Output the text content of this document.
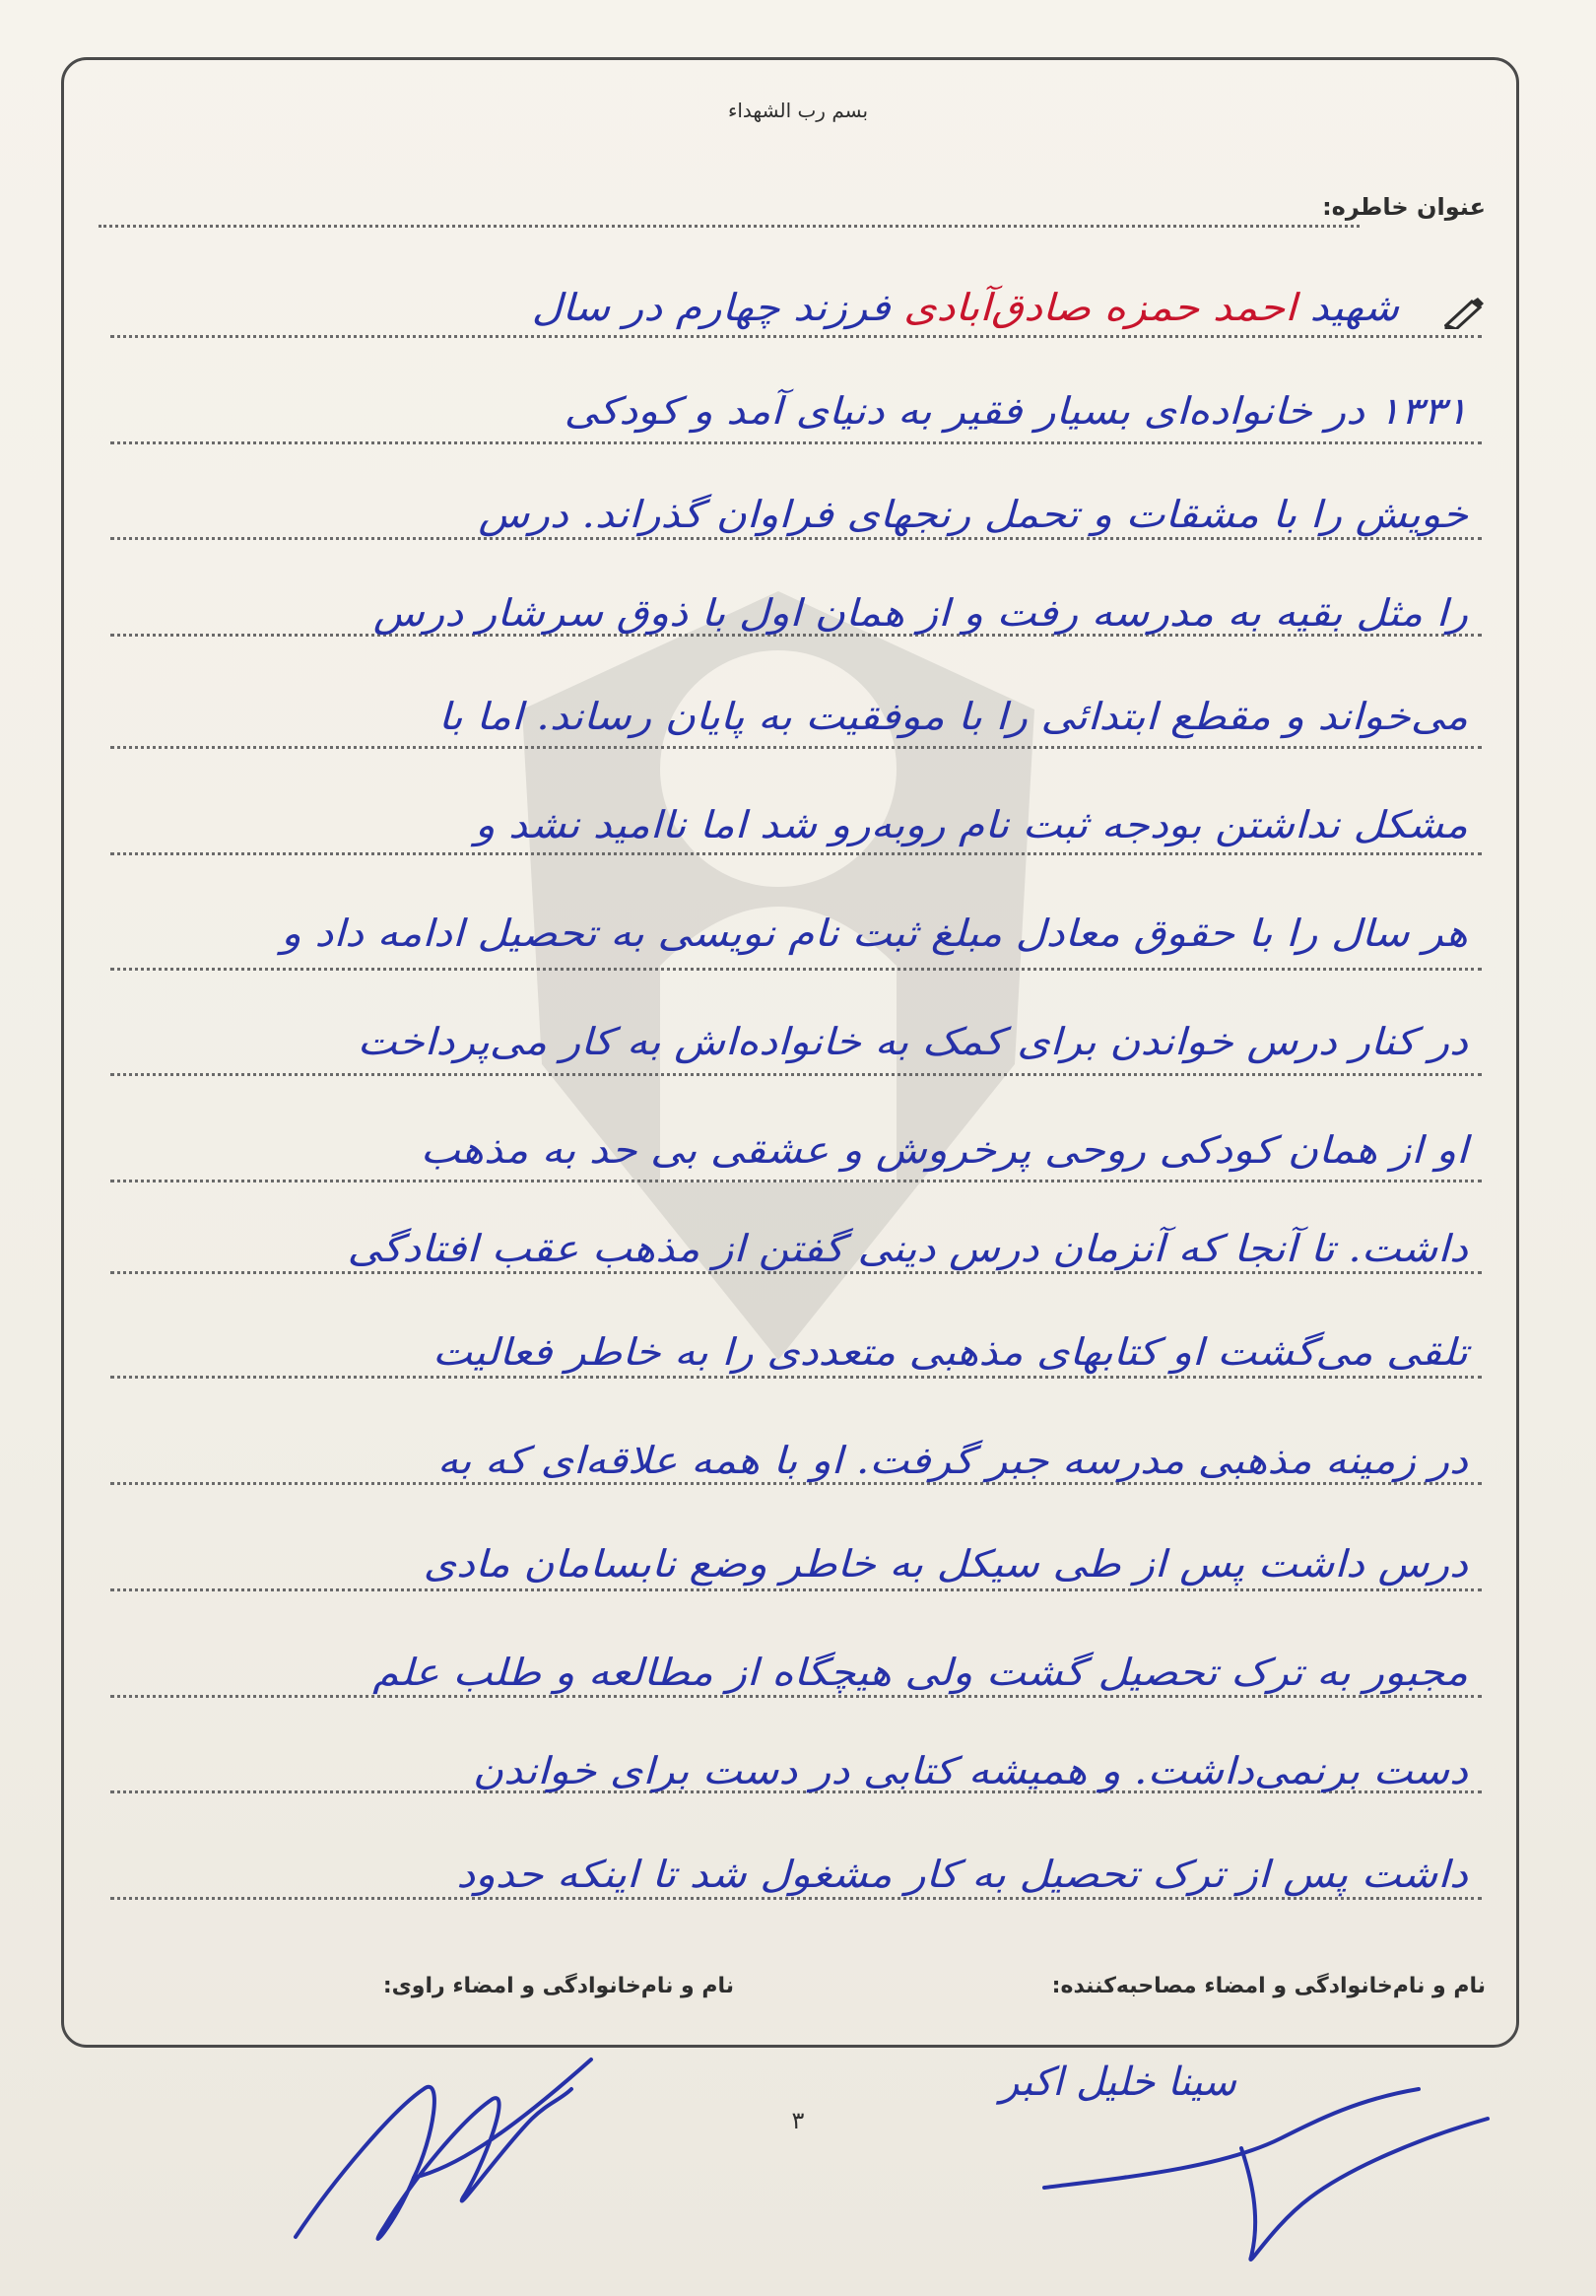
بسم رب الشهداء
عنوان خاطره:
شهید احمد حمزه صادق‌آبادی فرزند چهارم در سال
۱۳۳۱ در خانواده‌ای بسیار فقیر به دنیای آمد و کودکی
خویش را با مشقات و تحمل رنجهای فراوان گذراند. درس
را مثل بقیه به مدرسه رفت و از همان اول با ذوق سرشار درس
می‌خواند و مقطع ابتدائی را با موفقیت به پایان رساند. اما با
مشکل نداشتن بودجه ثبت نام روبه‌رو شد اما ناامید نشد و
هر سال را با حقوق معادل مبلغ ثبت نام نویسی به تحصیل ادامه داد و
در کنار درس خواندن برای کمک به خانواده‌اش به کار می‌پرداخت
او از همان کودکی روحی پرخروش و عشقی بی حد به مذهب
داشت. تا آنجا که آنزمان درس دینی گفتن از مذهب عقب افتادگی
تلقی می‌گشت او کتابهای مذهبی متعددی را به خاطر فعالیت
در زمینه مذهبی مدرسه جبر گرفت. او با همه علاقه‌ای که به
درس داشت پس از طی سیکل به خاطر وضع نابسامان مادی
مجبور به ترک تحصیل گشت ولی هیچگاه از مطالعه و طلب علم
دست برنمی‌داشت. و همیشه کتابی در دست برای خواندن
داشت پس از ترک تحصیل به کار مشغول شد تا اینکه حدود
نام و نام‌خانوادگی و امضاء مصاحبه‌کننده:
نام و نام‌خانوادگی و امضاء راوی:
۳
سینا خلیل اکبر
